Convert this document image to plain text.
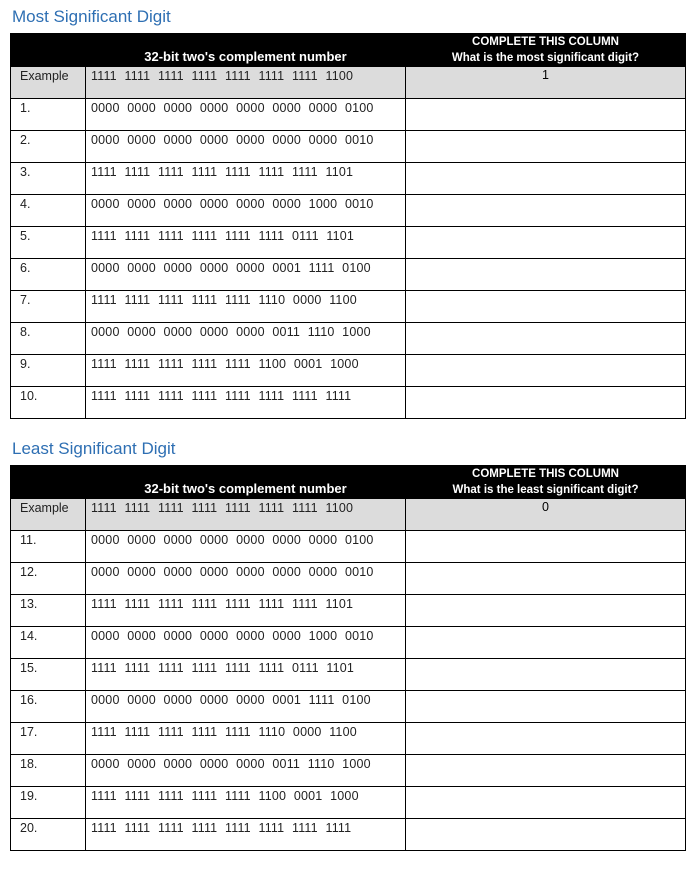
Most Significant Digit
	32-bit two's complement number	COMPLETE THIS COLUMN
What is the most significant digit?

Example	1111 1111 1111 1111 1111 1111 1111 1100	1
1.	0000 0000 0000 0000 0000 0000 0000 0100	
2.	0000 0000 0000 0000 0000 0000 0000 0010	
3.	1111 1111 1111 1111 1111 1111 1111 1101	
4.	0000 0000 0000 0000 0000 0000 1000 0010	
5.	1111 1111 1111 1111 1111 1111 0111 1101	
6.	0000 0000 0000 0000 0000 0001 1111 0100	
7.	1111 1111 1111 1111 1111 1110 0000 1100	
8.	0000 0000 0000 0000 0000 0011 1110 1000	
9.	1111 1111 1111 1111 1111 1100 0001 1000	
10.	1111 1111 1111 1111 1111 1111 1111 1111	
Least Significant Digit
	32-bit two's complement number	COMPLETE THIS COLUMN
What is the least significant digit?

Example	1111 1111 1111 1111 1111 1111 1111 1100	0
11.	0000 0000 0000 0000 0000 0000 0000 0100	
12.	0000 0000 0000 0000 0000 0000 0000 0010	
13.	1111 1111 1111 1111 1111 1111 1111 1101	
14.	0000 0000 0000 0000 0000 0000 1000 0010	
15.	1111 1111 1111 1111 1111 1111 0111 1101	
16.	0000 0000 0000 0000 0000 0001 1111 0100	
17.	1111 1111 1111 1111 1111 1110 0000 1100	
18.	0000 0000 0000 0000 0000 0011 1110 1000	
19.	1111 1111 1111 1111 1111 1100 0001 1000	
20.	1111 1111 1111 1111 1111 1111 1111 1111	
